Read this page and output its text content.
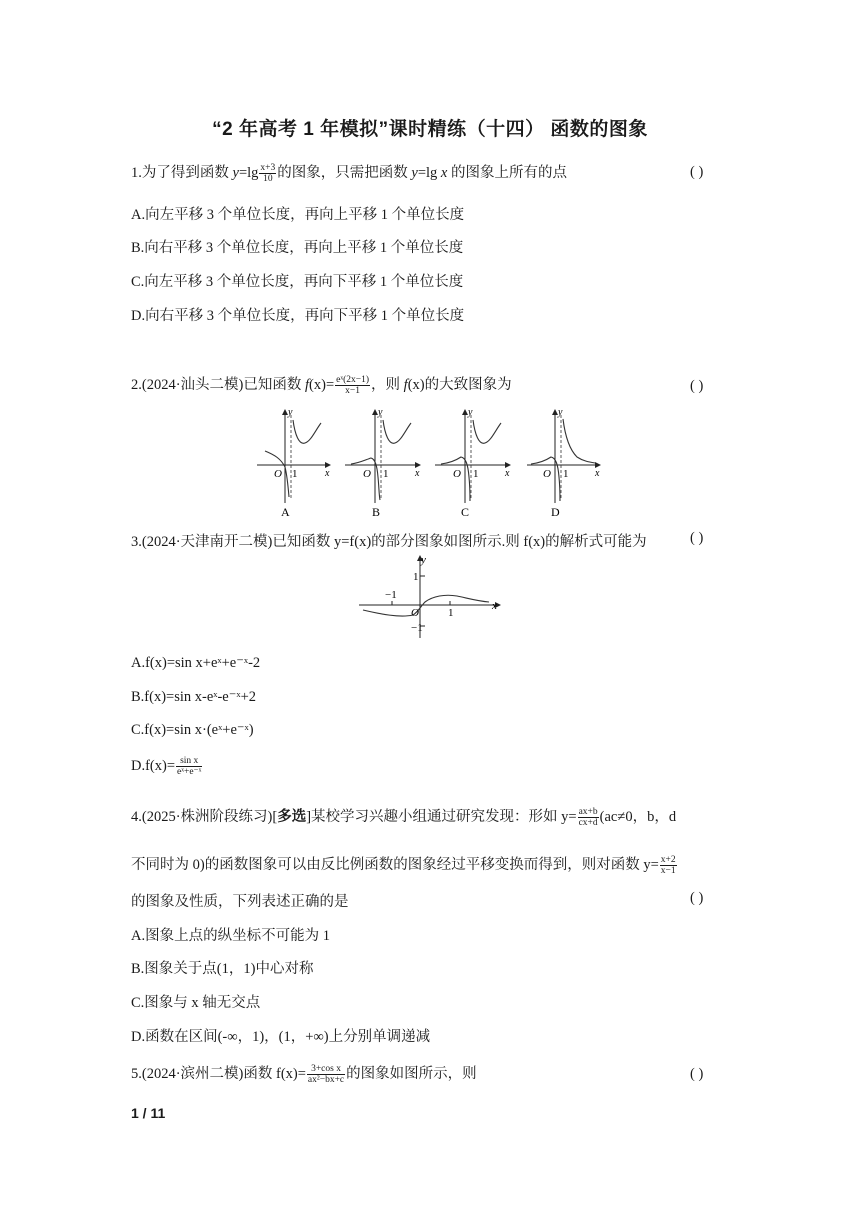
“2 年高考 1 年模拟”课时精练（十四） 函数的图象
1.为了得到函数 $y=\lg \frac{x+3}{10}$ 的图象，只需把函数 y=lg x 的图象上所有的点	( )
A.向左平移 3 个单位长度，再向上平移 1 个单位长度
B.向右平移 3 个单位长度，再向上平移 1 个单位长度
C.向左平移 3 个单位长度，再向下平移 1 个单位长度
D.向右平移 3 个单位长度，再向下平移 1 个单位长度
2.(2024·汕头二模)已知函数 $f(x)= \frac{\text{eˣ(2x−1)}}{x-1}$ ，则 f(x)的大致图象为	( )
y
x
O 1
A
y
x
O 1
B
y
x
O 1
C
y
x
O 1
D
3.(2024·天津南开二模)已知函数 y=f(x)的部分图象如图所示.则 f(x)的解析式可能为	( )
y
x
1
−1
−1
1
O
A.f(x)=sin x+eˣ+e⁻ˣ-2
B.f(x)=sin x-eˣ-e⁻ˣ+2
C.f(x)=sin x·(eˣ+e⁻ˣ)
$D.f(x)= \frac{\text{sin x}}{\text{eˣ+e⁻ˣ}}$
4.(2025·株洲阶段练习)[多选]某校学习兴趣小组通过研究发现：形如 $y= \frac{ax+b}{cx+d} (ac\ne 0$，b，d
不同时为 0)的函数图象可以由反比例函数的图象经过平移变换而得到，则对函数 $y= \frac{x+2}{x-1}$
的图象及性质，下列表述正确的是	( )
A.图象上点的纵坐标不可能为 1
B.图象关于点(1，1)中心对称
C.图象与 x 轴无交点
D.函数在区间(-∞，1)，(1，+∞)上分别单调递减
5.(2024·滨州二模)函数 $f(x)= \frac{\text{3+cos x}}{\text{ax²−bx+c}}$ 的图象如图所示，则	( )
1 / 11
